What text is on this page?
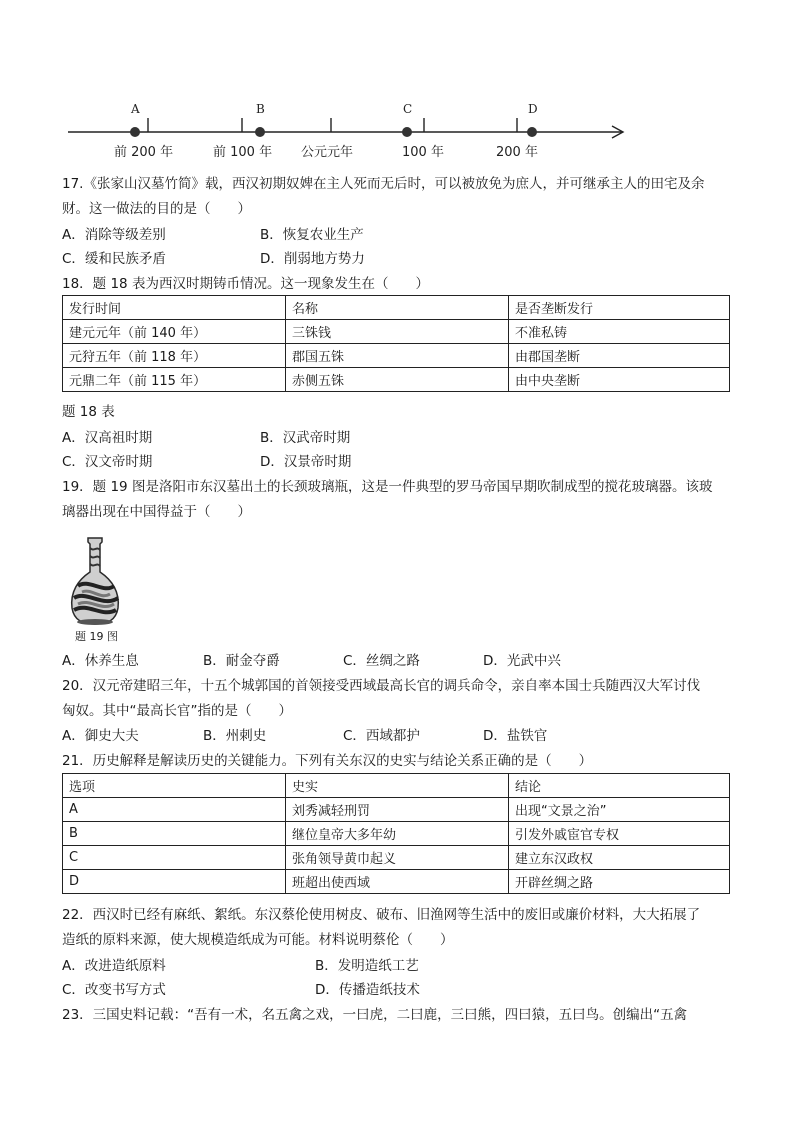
A	B	C	D
前 200 年	前 100 年 公元元年	100 年	200 年
17.《张家山汉墓竹简》载，西汉初期奴婢在主人死而无后时，可以被放免为庶人，并可继承主人的田宅及余
财。这一做法的目的是（　　）
A．消除等级差别	B．恢复农业生产
C．缓和民族矛盾	D．削弱地方势力
18．题 18 表为西汉时期铸币情况。这一现象发生在（　　）
发行时间	名称	是否垄断发行
建元元年（前 140 年）	三铢钱	不准私铸
元狩五年（前 118 年）	郡国五铢	由郡国垄断
元鼎二年（前 115 年）	赤侧五铢	由中央垄断
题 18 表
A．汉高祖时期	B．汉武帝时期
C．汉文帝时期	D．汉景帝时期
19．题 19 图是洛阳市东汉墓出土的长颈玻璃瓶，这是一件典型的罗马帝国早期吹制成型的搅花玻璃器。该玻
璃器出现在中国得益于（　　）
题 19 图
A．休养生息	B．耐金夺爵	C．丝绸之路	D．光武中兴
20．汉元帝建昭三年，十五个城郭国的首领接受西域最高长官的调兵命令，亲自率本国士兵随西汉大军讨伐
匈奴。其中“最高长官”指的是（　　）
A．御史大夫	B．州刺史	C．西域都护	D．盐铁官
21．历史解释是解读历史的关键能力。下列有关东汉的史实与结论关系正确的是（　　）
选项	史实	结论
A	刘秀减轻刑罚	出现“文景之治”
B	继位皇帝大多年幼	引发外戚宦官专权
C	张角领导黄巾起义	建立东汉政权
D	班超出使西域	开辟丝绸之路
22．西汉时已经有麻纸、絮纸。东汉蔡伦使用树皮、破布、旧渔网等生活中的废旧或廉价材料，大大拓展了
造纸的原料来源，使大规模造纸成为可能。材料说明蔡伦（　　）
A．改进造纸原料	B．发明造纸工艺
C．改变书写方式	D．传播造纸技术
23．三国史料记载：“吾有一术，名五禽之戏，一曰虎，二曰鹿，三曰熊，四曰猿，五曰鸟。创编出“五禽
